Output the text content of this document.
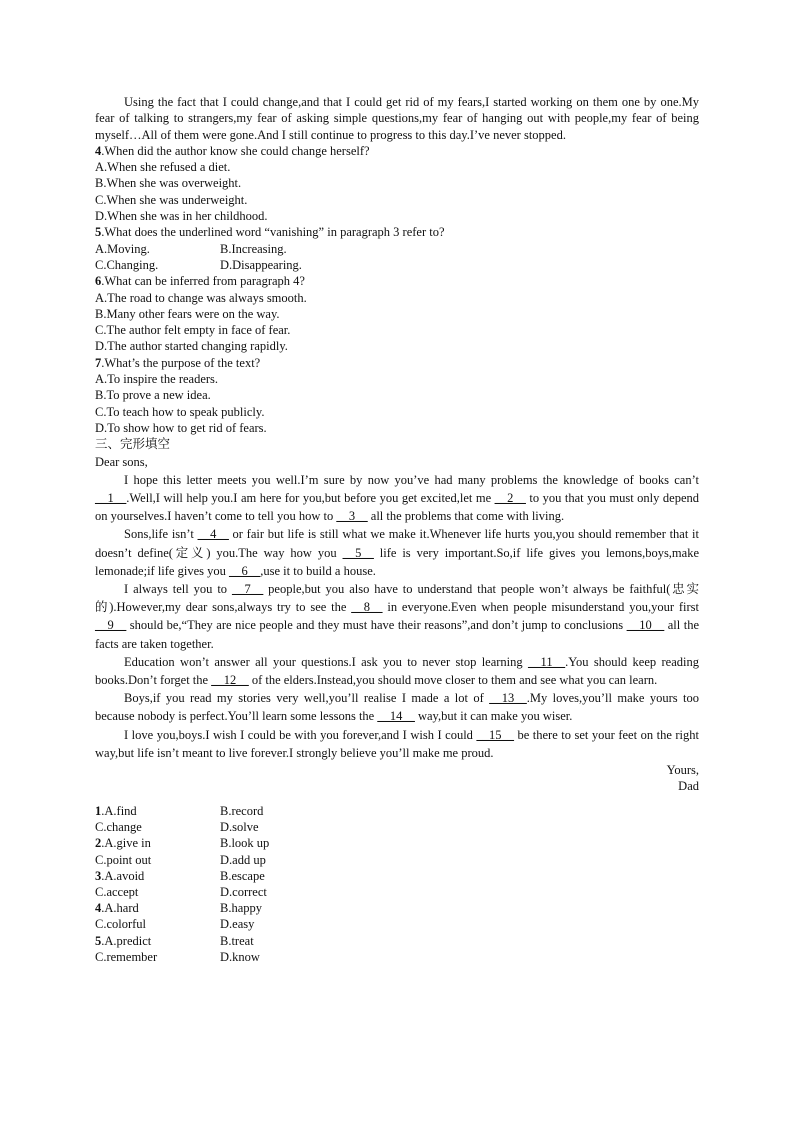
Using the fact that I could change,and that I could get rid of my fears,I started working on them one by one.My fear of talking to strangers,my fear of asking simple questions,my fear of hanging out with people,my fear of being myself…All of them were gone.And I still continue to progress to this day.I’ve never stopped.

4.When did the author know she could change herself?

A.When she refused a diet.

B.When she was overweight.

C.When she was underweight.

D.When she was in her childhood.

5.What does the underlined word “vanishing” in paragraph 3 refer to?

A.Moving.	B.Increasing.
C.Changing.	D.Disappearing.

6.What can be inferred from paragraph 4?

A.The road to change was always smooth.

B.Many other fears were on the way.

C.The author felt empty in face of fear.

D.The author started changing rapidly.

7.What’s the purpose of the text?

A.To inspire the readers.

B.To prove a new idea.

C.To teach how to speak publicly.

D.To show how to get rid of fears.

三、完形填空

Dear sons,

I hope this letter meets you well.I’m sure by now you’ve had many problems the knowledge of books can’t __1__.Well,I will help you.I am here for you,but before you get excited,let me __2__ to you that you must only depend on yourselves.I haven’t come to tell you how to __3__ all the problems that come with living.

Sons,life isn’t __4__ or fair but life is still what we make it.Whenever life hurts you,you should remember that it doesn’t define(定义) you.The way how you __5__ life is very important.So,if life gives you lemons,boys,make lemonade;if life gives you __6__,use it to build a house.

I always tell you to __7__ people,but you also have to understand that people won’t always be faithful(忠实的).However,my dear sons,always try to see the __8__ in everyone.Even when people misunderstand you,your first __9__ should be,“They are nice people and they must have their reasons”,and don’t jump to conclusions __10__ all the facts are taken together.

Education won’t answer all your questions.I ask you to never stop learning __11__.You should keep reading books.Don’t forget the __12__ of the elders.Instead,you should move closer to them and see what you can learn.

Boys,if you read my stories very well,you’ll realise I made a lot of __13__.My loves,you’ll make yours too because nobody is perfect.You’ll learn some lessons the __14__ way,but it can make you wiser.

I love you,boys.I wish I could be with you forever,and I wish I could __15__ be there to set your feet on the right way,but life isn’t meant to live forever.I strongly believe you’ll make me proud.

Yours,

Dad

1.A.find	B.record
C.change	D.solve
2.A.give in	B.look up
C.point out	D.add up
3.A.avoid	B.escape
C.accept	D.correct
4.A.hard	B.happy
C.colorful	D.easy
5.A.predict	B.treat
C.remember	D.know
